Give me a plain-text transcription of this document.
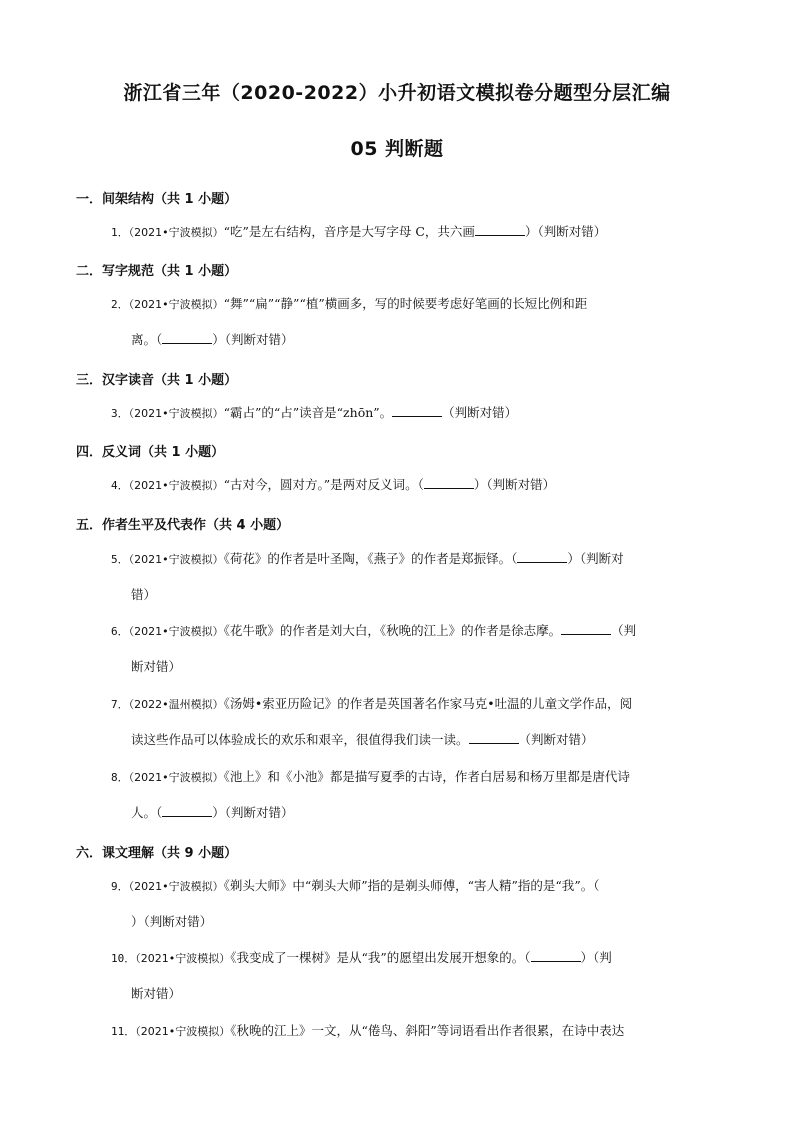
浙江省三年（2020-2022）小升初语文模拟卷分题型分层汇编
05 判断题
一．间架结构（共 1 小题）
1．（2021•宁波模拟）“吃”是左右结构，音序是大写字母 C，共六画	）（判断对错）
二．写字规范（共 1 小题）
2．（2021•宁波模拟）“舞”“扁”“静”“植”横画多，写的时候要考虑好笔画的长短比例和距
离。（	）（判断对错）
三．汉字读音（共 1 小题）
3．（2021•宁波模拟）“霸占”的“占”读音是“zhōn”。	（判断对错）
四．反义词（共 1 小题）
4．（2021•宁波模拟）“古对今，圆对方。”是两对反义词。（	）（判断对错）
五．作者生平及代表作（共 4 小题）
5．（2021•宁波模拟）《荷花》的作者是叶圣陶，《燕子》的作者是郑振铎。（	）（判断对
错）
6．（2021•宁波模拟）《花牛歌》的作者是刘大白，《秋晚的江上》的作者是徐志摩。	（判
断对错）
7．（2022•温州模拟）《汤姆•索亚历险记》的作者是英国著名作家马克•吐温的儿童文学作品，阅
读这些作品可以体验成长的欢乐和艰辛，很值得我们读一读。	（判断对错）
8．（2021•宁波模拟）《池上》和《小池》都是描写夏季的古诗，作者白居易和杨万里都是唐代诗
人。（	）（判断对错）
六．课文理解（共 9 小题）
9．（2021•宁波模拟）《剃头大师》中“剃头大师”指的是剃头师傅，“害人精”指的是“我”。（
）（判断对错）
10．（2021•宁波模拟）《我变成了一棵树》是从“我”的愿望出发展开想象的。（	）（判
断对错）
11．（2021•宁波模拟）《秋晚的江上》一文，从“倦鸟、斜阳”等词语看出作者很累，在诗中表达
